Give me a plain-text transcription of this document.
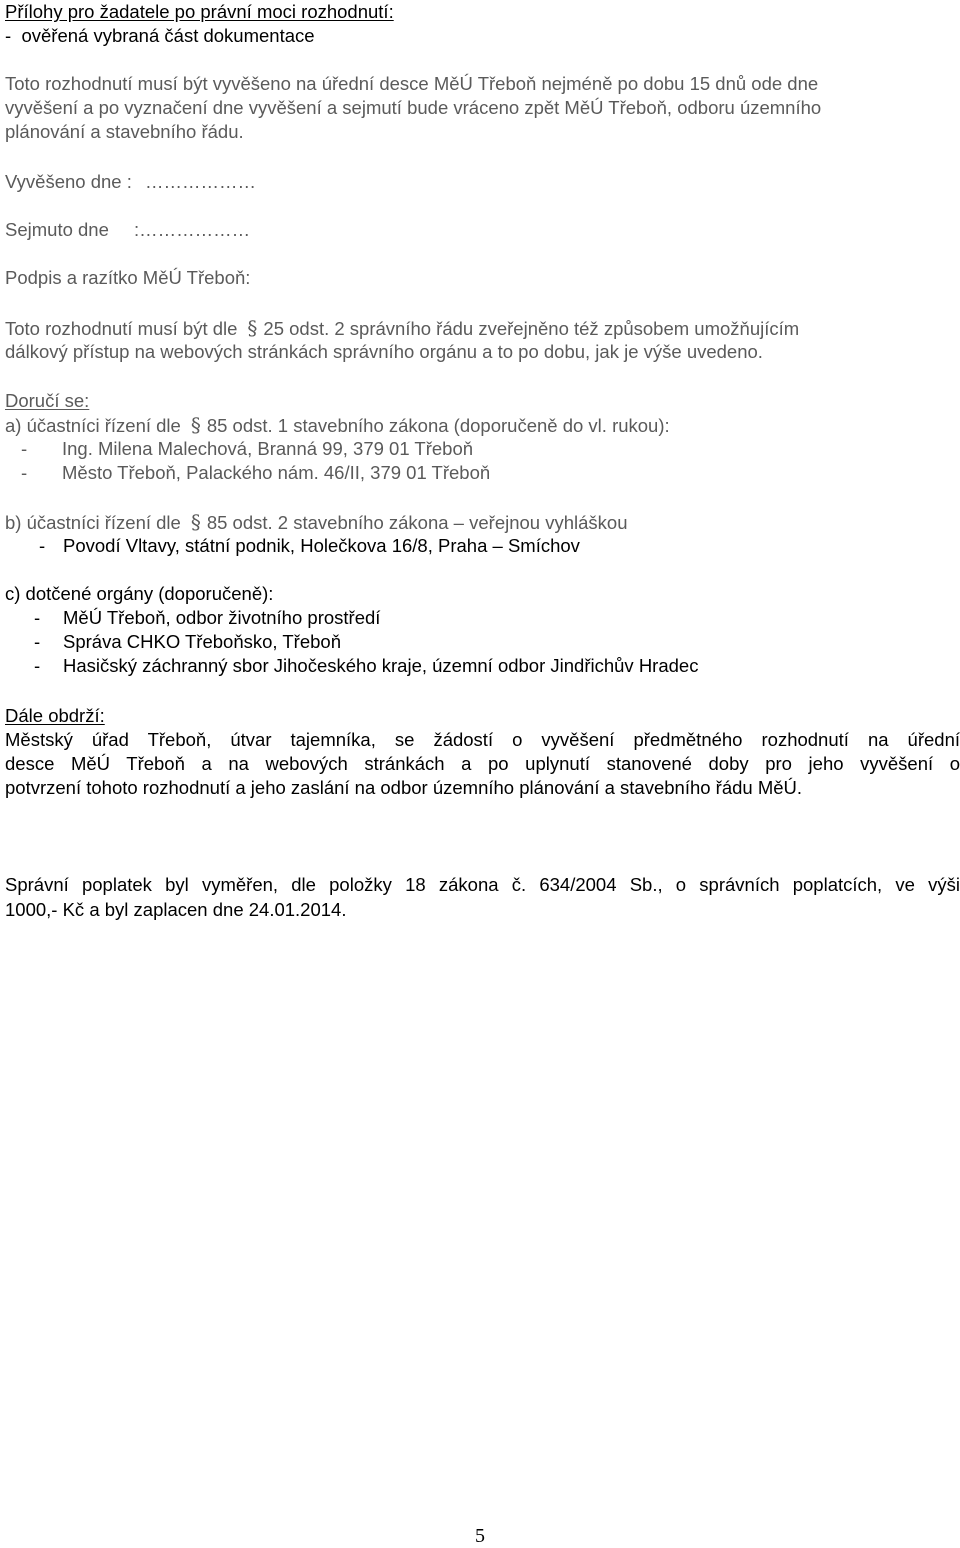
Přílohy pro žadatele po právní moci rozhodnutí:
- ověřená vybraná část dokumentace
Toto rozhodnutí musí být vyvěšeno na úřední desce MěÚ Třeboň nejméně po dobu 15 dnů ode dne
vyvěšení a po vyznačení dne vyvěšení a sejmutí bude vráceno zpět MěÚ Třeboň, odboru územního
plánování a stavebního řádu.
Vyvěšeno dne : ………………
Sejmuto dne :………………
Podpis a razítko MěÚ Třeboň:
Toto rozhodnutí musí být dle § 25 odst. 2 správního řádu zveřejněno též způsobem umožňujícím
dálkový přístup na webových stránkách správního orgánu a to po dobu, jak je výše uvedeno.
Doručí se:
a) účastníci řízení dle § 85 odst. 1 stavebního zákona (doporučeně do vl. rukou):
- Ing. Milena Malechová, Branná 99, 379 01 Třeboň
- Město Třeboň, Palackého nám. 46/II, 379 01 Třeboň
b) účastníci řízení dle § 85 odst. 2 stavebního zákona – veřejnou vyhláškou
- Povodí Vltavy, státní podnik, Holečkova 16/8, Praha – Smíchov
c) dotčené orgány (doporučeně):
- MěÚ Třeboň, odbor životního prostředí
- Správa CHKO Třeboňsko, Třeboň
- Hasičský záchranný sbor Jihočeského kraje, územní odbor Jindřichův Hradec
Dále obdrží:
Městský úřad Třeboň, útvar tajemníka, se žádostí o vyvěšení předmětného rozhodnutí na úřední
desce MěÚ Třeboň a na webových stránkách a po uplynutí stanovené doby pro jeho vyvěšení o
potvrzení tohoto rozhodnutí a jeho zaslání na odbor územního plánování a stavebního řádu MěÚ.
Správní poplatek byl vyměřen, dle položky 18 zákona č. 634/2004 Sb., o správních poplatcích, ve výši
1000,- Kč a byl zaplacen dne 24.01.2014.
5
